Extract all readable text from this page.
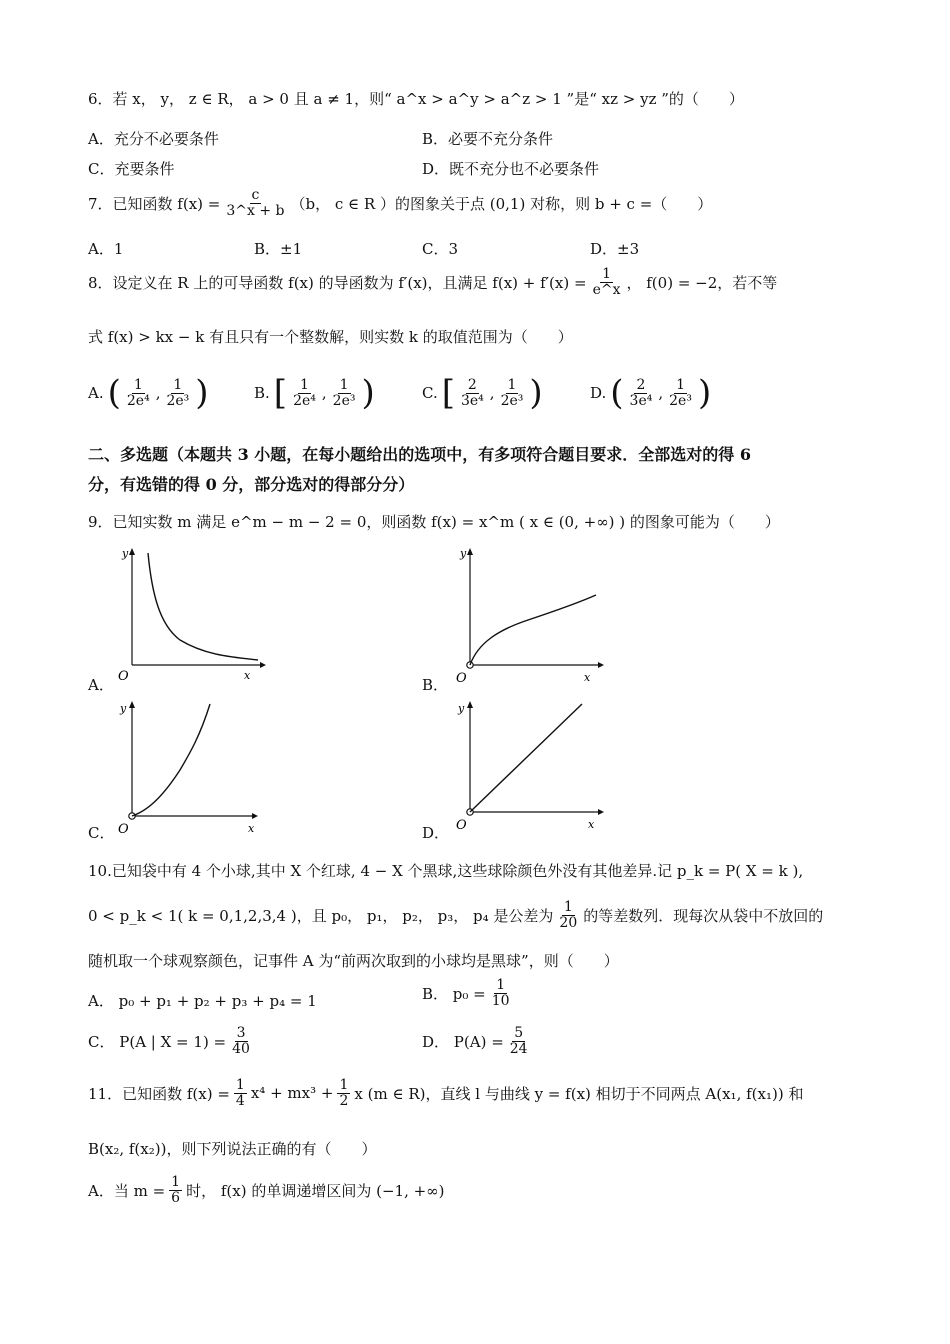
6．若 x， y， z ∈ R， a > 0 且 a ≠ 1，则“ a^x > a^y > a^z > 1 ”是“ xz > yz ”的（　　）
A．充分不必要条件	B．必要不充分条件
C．充要条件	D．既不充分也不必要条件
7．已知函数 $f(x) = \frac{c}{3\^{}x + b} (b$， c ∈ R ）的图象关于点 (0,1) 对称，则 b + c =（　　）
A．1	B．±1	C．3	D．±3
8．设定义在 R 上的可导函数 f(x) 的导函数为 f′(x)，且满足 $f(x) + f'(x) = \frac{1}{e\^{}x}$ ， f(0) = −2，若不等
式 f(x) > kx − k 有且只有一个整数解，则实数 k 的取值范围为（　　）
A. ( $\frac{1}{\text{2e⁴}}$ , $\frac{1}{\text{2e³}}$ )	B. [ $\frac{1}{\text{2e⁴}}$ , $\frac{1}{\text{2e³}}$ )	C. [ $\frac{2}{\text{3e⁴}}$ , $\frac{1}{\text{2e³}}$ )	D. ( $\frac{2}{\text{3e⁴}}$ , $\frac{1}{\text{2e³}}$ )
二、多选题（本题共 3 小题，在每小题给出的选项中，有多项符合题目要求．全部选对的得 6
分，有选错的得 0 分，部分选对的得部分分）
9．已知实数 m 满足 e^m − m − 2 = 0，则函数 f(x) = x^m ( x ∈ (0, +∞) ) 的图象可能为（　　）
A．
y
x
O	B．
y
x
O
C．
y
x
O	D．
y
x
O
10.已知袋中有 4 个小球,其中 X 个红球, 4 − X 个黑球,这些球除颜色外没有其他差异.记 p_k = P( X = k ),
0 < p_k < 1( k = 0,1,2,3,4 )，且 p₀， p₁， p₂， p₃， p₄ 是公差为 $\frac{1}{20}$ 的等差数列．现每次从袋中不放回的
随机取一个球观察颜色，记事件 A 为“前两次取到的小球均是黑球”，则（　　）
A． p₀ + p₁ + p₂ + p₃ + p₄ = 1	B． $p_0 = \frac{1}{10}$
C． P(A | $X = 1) = \frac{3}{40}$	D． $P(A) = \frac{5}{24}$
11．已知函数 $f(x) = \frac{1}{4} x^4 + mx^3 + \frac{1}{2}$ x (m ∈ R)，直线 l 与曲线 y = f(x) 相切于不同两点 A(x₁, f(x₁)) 和
B(x₂, f(x₂))，则下列说法正确的有（　　）
A．当 $m = \frac{1}{6}$ 时， f(x) 的单调递增区间为 (−1, +∞)
